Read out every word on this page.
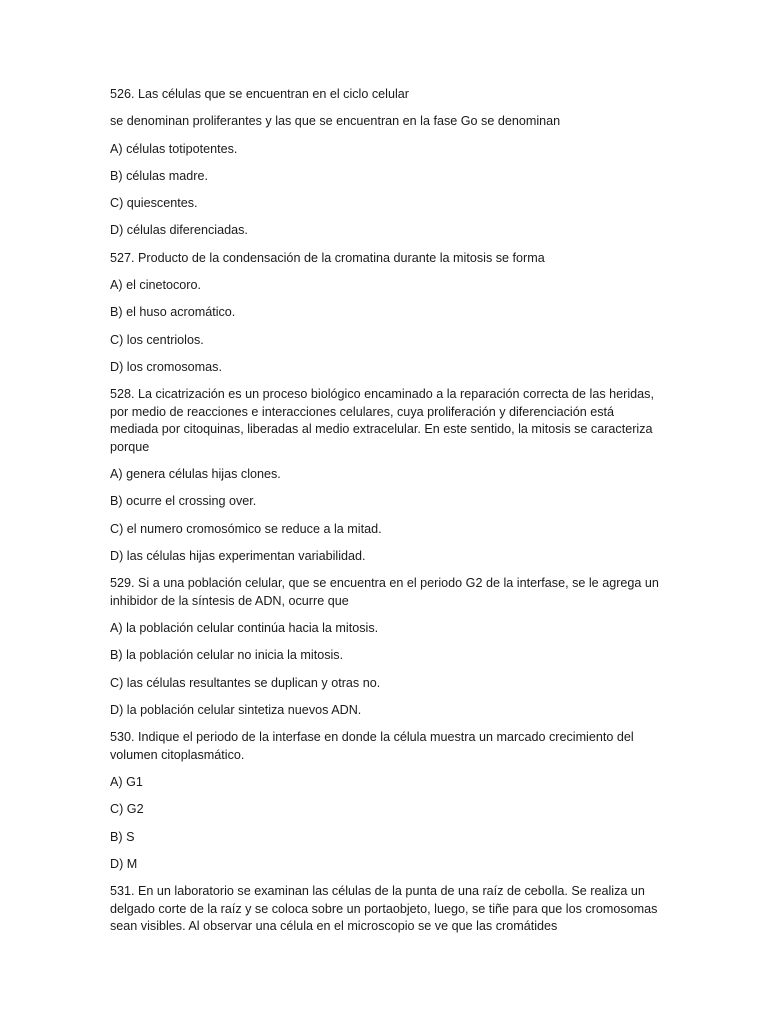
526. Las células que se encuentran en el ciclo celular

se denominan proliferantes y las que se encuentran en la fase Go se denominan

A) células totipotentes.

B) células madre.

C) quiescentes.

D) células diferenciadas.

527. Producto de la condensación de la cromatina durante la mitosis se forma

A) el cinetocoro.

B) el huso acromático.

C) los centriolos.

D) los cromosomas.

528. La cicatrización es un proceso biológico encaminado a la reparación correcta de las heridas, por medio de reacciones e interacciones celulares, cuya proliferación y diferenciación está mediada por citoquinas, liberadas al medio extracelular. En este sentido, la mitosis se caracteriza porque

A) genera células hijas clones.

B) ocurre el crossing over.

C) el numero cromosómico se reduce a la mitad.

D) las células hijas experimentan variabilidad.

529. Si a una población celular, que se encuentra en el periodo G2 de la interfase, se le agrega un inhibidor de la síntesis de ADN, ocurre que

A) la población celular continúa hacia la mitosis.

B) la población celular no inicia la mitosis.

C) las células resultantes se duplican y otras no.

D) la población celular sintetiza nuevos ADN.

530. Indique el periodo de la interfase en donde la célula muestra un marcado crecimiento del volumen citoplasmático.

A) G1

C) G2

B) S

D) M

531. En un laboratorio se examinan las células de la punta de una raíz de cebolla. Se realiza un delgado corte de la raíz y se coloca sobre un portaobjeto, luego, se tiñe para que los cromosomas sean visibles. Al observar una célula en el microscopio se ve que las cromátides
